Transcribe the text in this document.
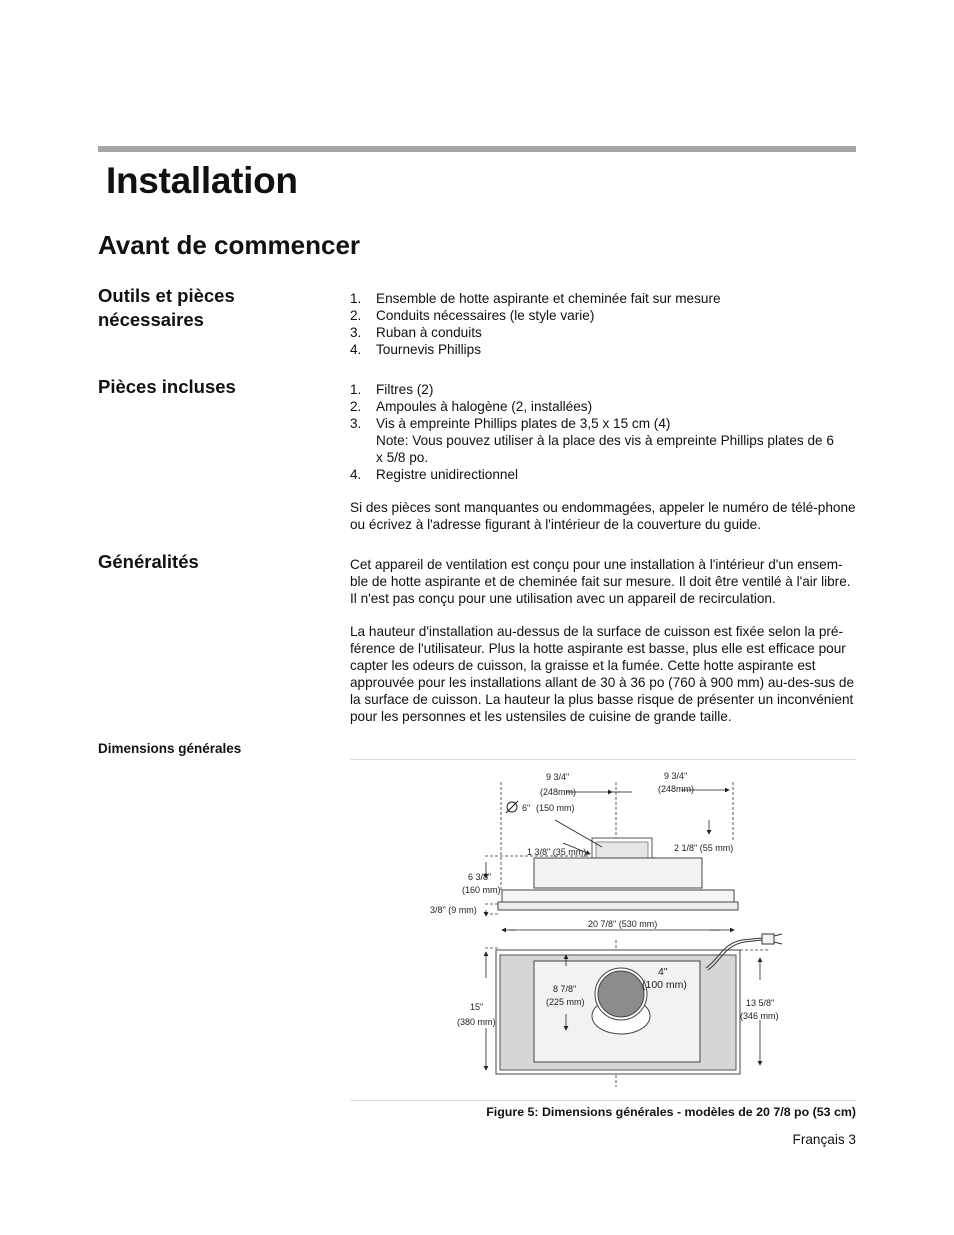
Installation
Avant de commencer
Outils et pièces
nécessaires
1. Ensemble de hotte aspirante et cheminée fait sur mesure
2. Conduits nécessaires (le style varie)
3. Ruban à conduits
4. Tournevis Phillips
Pièces incluses	1. Filtres (2)
2. Ampoules à halogène (2, installées)
3. Vis à empreinte Phillips plates de 3,5 x 15 cm (4)
Note: Vous pouvez utiliser à la place des vis à empreinte Phillips plates de 6 x 5/8 po.
4. Registre unidirectionnel

Si des pièces sont manquantes ou endommagées, appeler le numéro de télé-phone ou écrivez à l'adresse figurant à l'intérieur de la couverture du guide.

Généralités	Cet appareil de ventilation est conçu pour une installation à l'intérieur d'un ensem-ble de hotte aspirante et de cheminée fait sur mesure. Il doit être ventilé à l'air libre. Il n'est pas conçu pour une utilisation avec un appareil de recirculation.

La hauteur d'installation au-dessus de la surface de cuisson est fixée selon la pré-férence de l'utilisateur. Plus la hotte aspirante est basse, plus elle est efficace pour capter les odeurs de cuisson, la graisse et la fumée. Cette hotte aspirante est approuvée pour les installations allant de 30 à 36 po (760 à 900 mm) au-des-sus de la surface de cuisson. La hauteur la plus basse risque de présenter un inconvénient pour les personnes et les ustensiles de cuisine de grande taille.

Dimensions générales
9 3/4"
(248mm)
9 3/4"
(248mm)
6" (150 mm)
1 3/8" (35 mm)	2 1/8" (55 mm)
6 3/8"
(160 mm)
3/8" (9 mm)
20 7/8" (530 mm)
4"
(100 mm)
8 7/8"
(225 mm)
15"
(380 mm)
13 5/8"
(346 mm)
Figure 5: Dimensions générales - modèles de 20 7/8 po (53 cm)
Français 3
